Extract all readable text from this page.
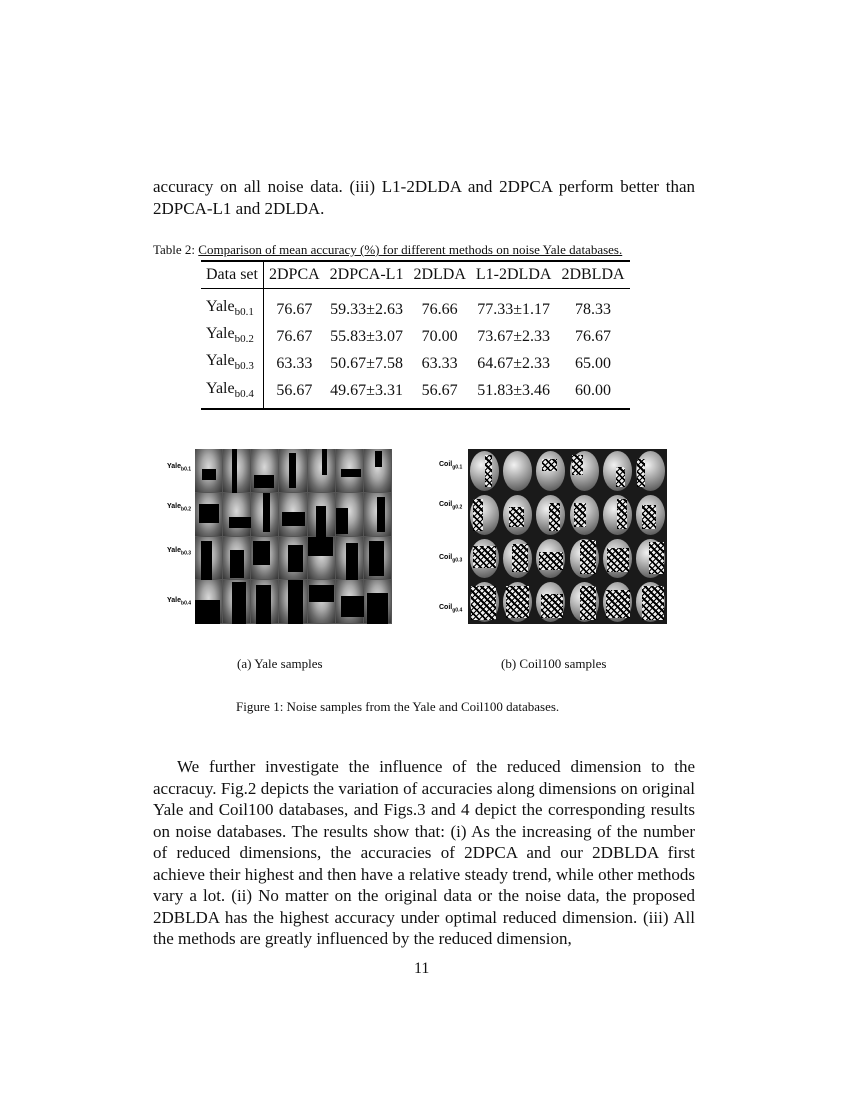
accuracy on all noise data. (iii) L1-2DLDA and 2DPCA perform better than 2DPCA-L1 and 2DLDA.
Table 2: Comparison of mean accuracy (%) for different methods on noise Yale databases.
Data set	2DPCA	2DPCA-L1	2DLDA	L1-2DLDA	2DBLDA
Yale$_{b0.1}$	76.67	59.33±2.63	76.66	77.33±1.17	78.33
Yale$_{b0.2}$	76.67	55.83±3.07	70.00	73.67±2.33	76.67
Yale$_{b0.3}$	63.33	50.67±7.58	63.33	64.67±2.33	65.00
Yale$_{b0.4}$	56.67	49.67±3.31	56.67	51.83±3.46	60.00
Yale$_{b0.1}$
Yale$_{b0.2}$
Yale$_{b0.3}$
Yale$_{b0.4}$
Coil$_{g0.1}$
Coil$_{g0.2}$
Coil$_{g0.3}$
Coil$_{g0.4}$
(a) Yale samples	(b) Coil100 samples
Figure 1: Noise samples from the Yale and Coil100 databases.
We further investigate the influence of the reduced dimension to the accracuy. Fig.2 depicts the variation of accuracies along dimensions on original Yale and Coil100 databases, and Figs.3 and 4 depict the corresponding results on noise databases. The results show that: (i) As the increasing of the number of reduced dimensions, the accuracies of 2DPCA and our 2DBLDA first achieve their highest and then have a relative steady trend, while other methods vary a lot. (ii) No matter on the original data or the noise data, the proposed 2DBLDA has the highest accuracy under optimal reduced dimension. (iii) All the methods are greatly influenced by the reduced dimension,
11
